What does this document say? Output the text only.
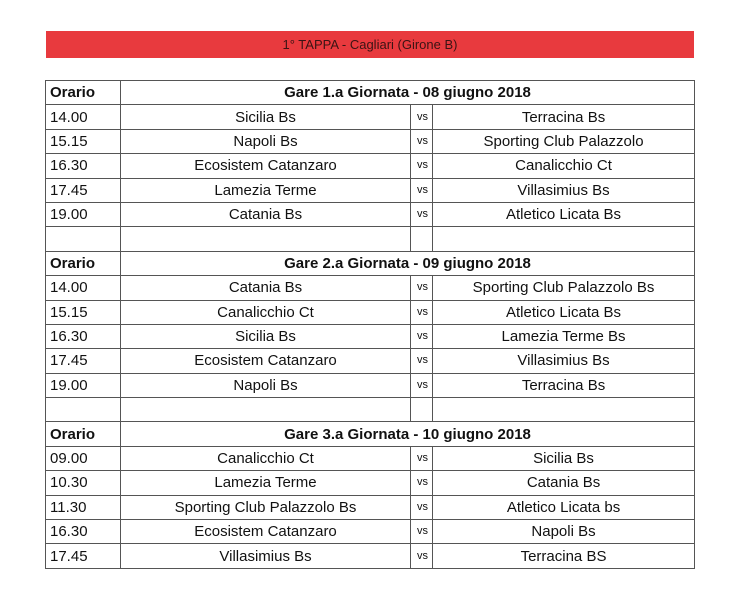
1° TAPPA - Cagliari (Girone B)
Orario	Gare 1.a Giornata - 08 giugno 2018		
14.00	Sicilia Bs	vs	Terracina Bs
15.15	Napoli Bs	vs	Sporting Club Palazzolo
16.30	Ecosistem Catanzaro	vs	Canalicchio Ct
17.45	Lamezia Terme	vs	Villasimius Bs
19.00	Catania Bs	vs	Atletico Licata Bs

Orario	Gare 2.a Giornata - 09 giugno 2018		
14.00	Catania Bs	vs	Sporting Club Palazzolo Bs
15.15	Canalicchio Ct	vs	Atletico Licata Bs
16.30	Sicilia Bs	vs	Lamezia Terme Bs
17.45	Ecosistem Catanzaro	vs	Villasimius Bs
19.00	Napoli Bs	vs	Terracina Bs

Orario	Gare 3.a Giornata - 10 giugno 2018		
09.00	Canalicchio Ct	vs	Sicilia Bs
10.30	Lamezia Terme	vs	Catania Bs
11.30	Sporting Club Palazzolo Bs	vs	Atletico Licata bs
16.30	Ecosistem Catanzaro	vs	Napoli Bs
17.45	Villasimius Bs	vs	Terracina BS
